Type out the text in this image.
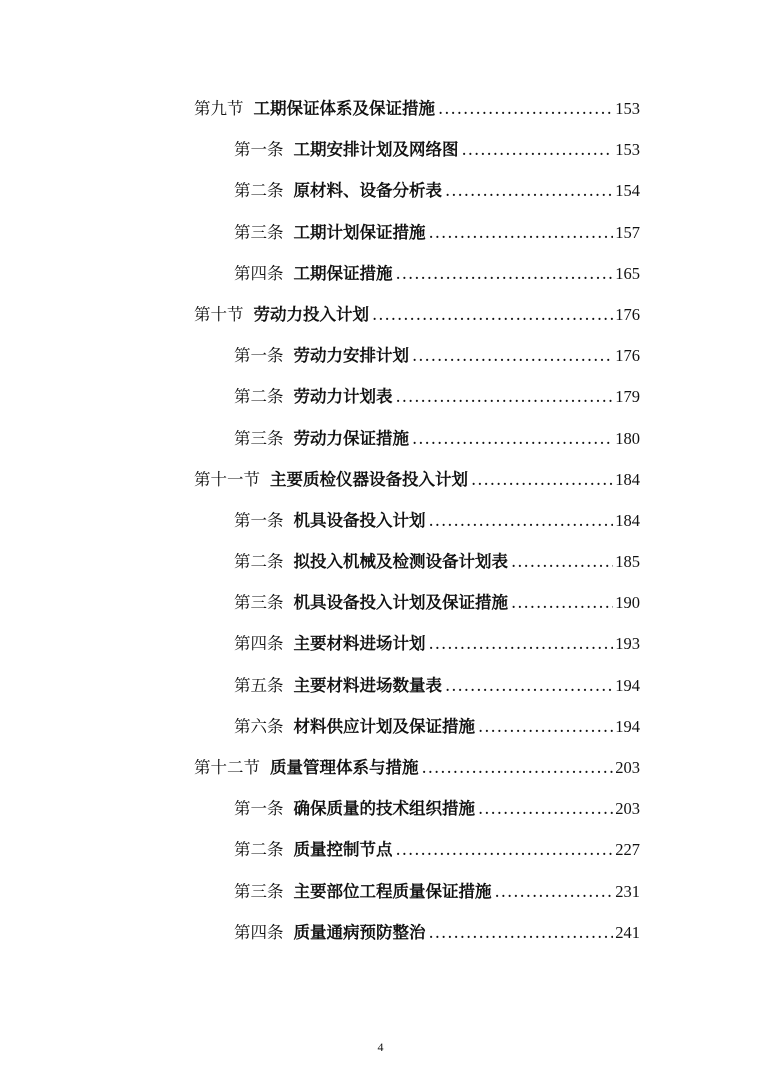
第九节 工期保证体系及保证措施 .....	153
第一条 工期安排计划及网络图 .....	153
第二条 原材料、设备分析表 .....	154
第三条 工期计划保证措施 .....	157
第四条 工期保证措施 .....	165
第十节 劳动力投入计划 .....	176
第一条 劳动力安排计划 .....	176
第二条 劳动力计划表 .....	179
第三条 劳动力保证措施 .....	180
第十一节 主要质检仪器设备投入计划 .....	184
第一条 机具设备投入计划 .....	184
第二条 拟投入机械及检测设备计划表 .....	185
第三条 机具设备投入计划及保证措施 .....	190
第四条 主要材料进场计划 .....	193
第五条 主要材料进场数量表 .....	194
第六条 材料供应计划及保证措施 .....	194
第十二节 质量管理体系与措施 .....	203
第一条 确保质量的技术组织措施 .....	203
第二条 质量控制节点 .....	227
第三条 主要部位工程质量保证措施 .....	231
第四条 质量通病预防整治 .....	241
4
